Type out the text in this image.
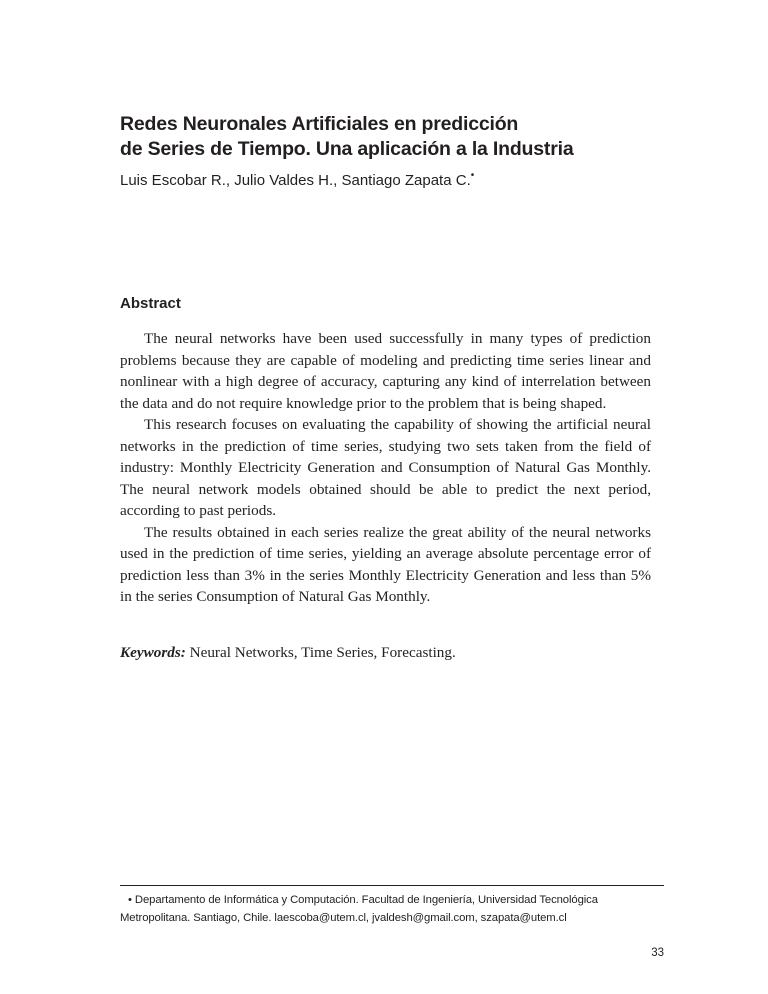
Redes Neuronales Artificiales en predicción
de Series de Tiempo. Una aplicación a la Industria

Luis Escobar R., Julio Valdes H., Santiago Zapata C.•

Abstract

The neural networks have been used successfully in many types of prediction problems because they are capable of modeling and predicting time series linear and nonlinear with a high degree of accuracy, capturing any kind of interrelation between the data and do not require knowledge prior to the problem that is being shaped.

This research focuses on evaluating the capability of showing the artificial neural networks in the prediction of time series, studying two sets taken from the field of industry: Monthly Electricity Generation and Consumption of Natural Gas Monthly. The neural network models obtained should be able to predict the next period, according to past periods.

The results obtained in each series realize the great ability of the neural networks used in the prediction of time series, yielding an average absolute percentage error of prediction less than 3% in the series Monthly Electricity Generation and less than 5% in the series Consumption of Natural Gas Monthly.

Keywords: Neural Networks, Time Series, Forecasting.

• Departamento de Informática y Computación. Facultad de Ingeniería, Universidad Tecnológica Metropolitana. Santiago, Chile. laescoba@utem.cl, jvaldesh@gmail.com, szapata@utem.cl

33
